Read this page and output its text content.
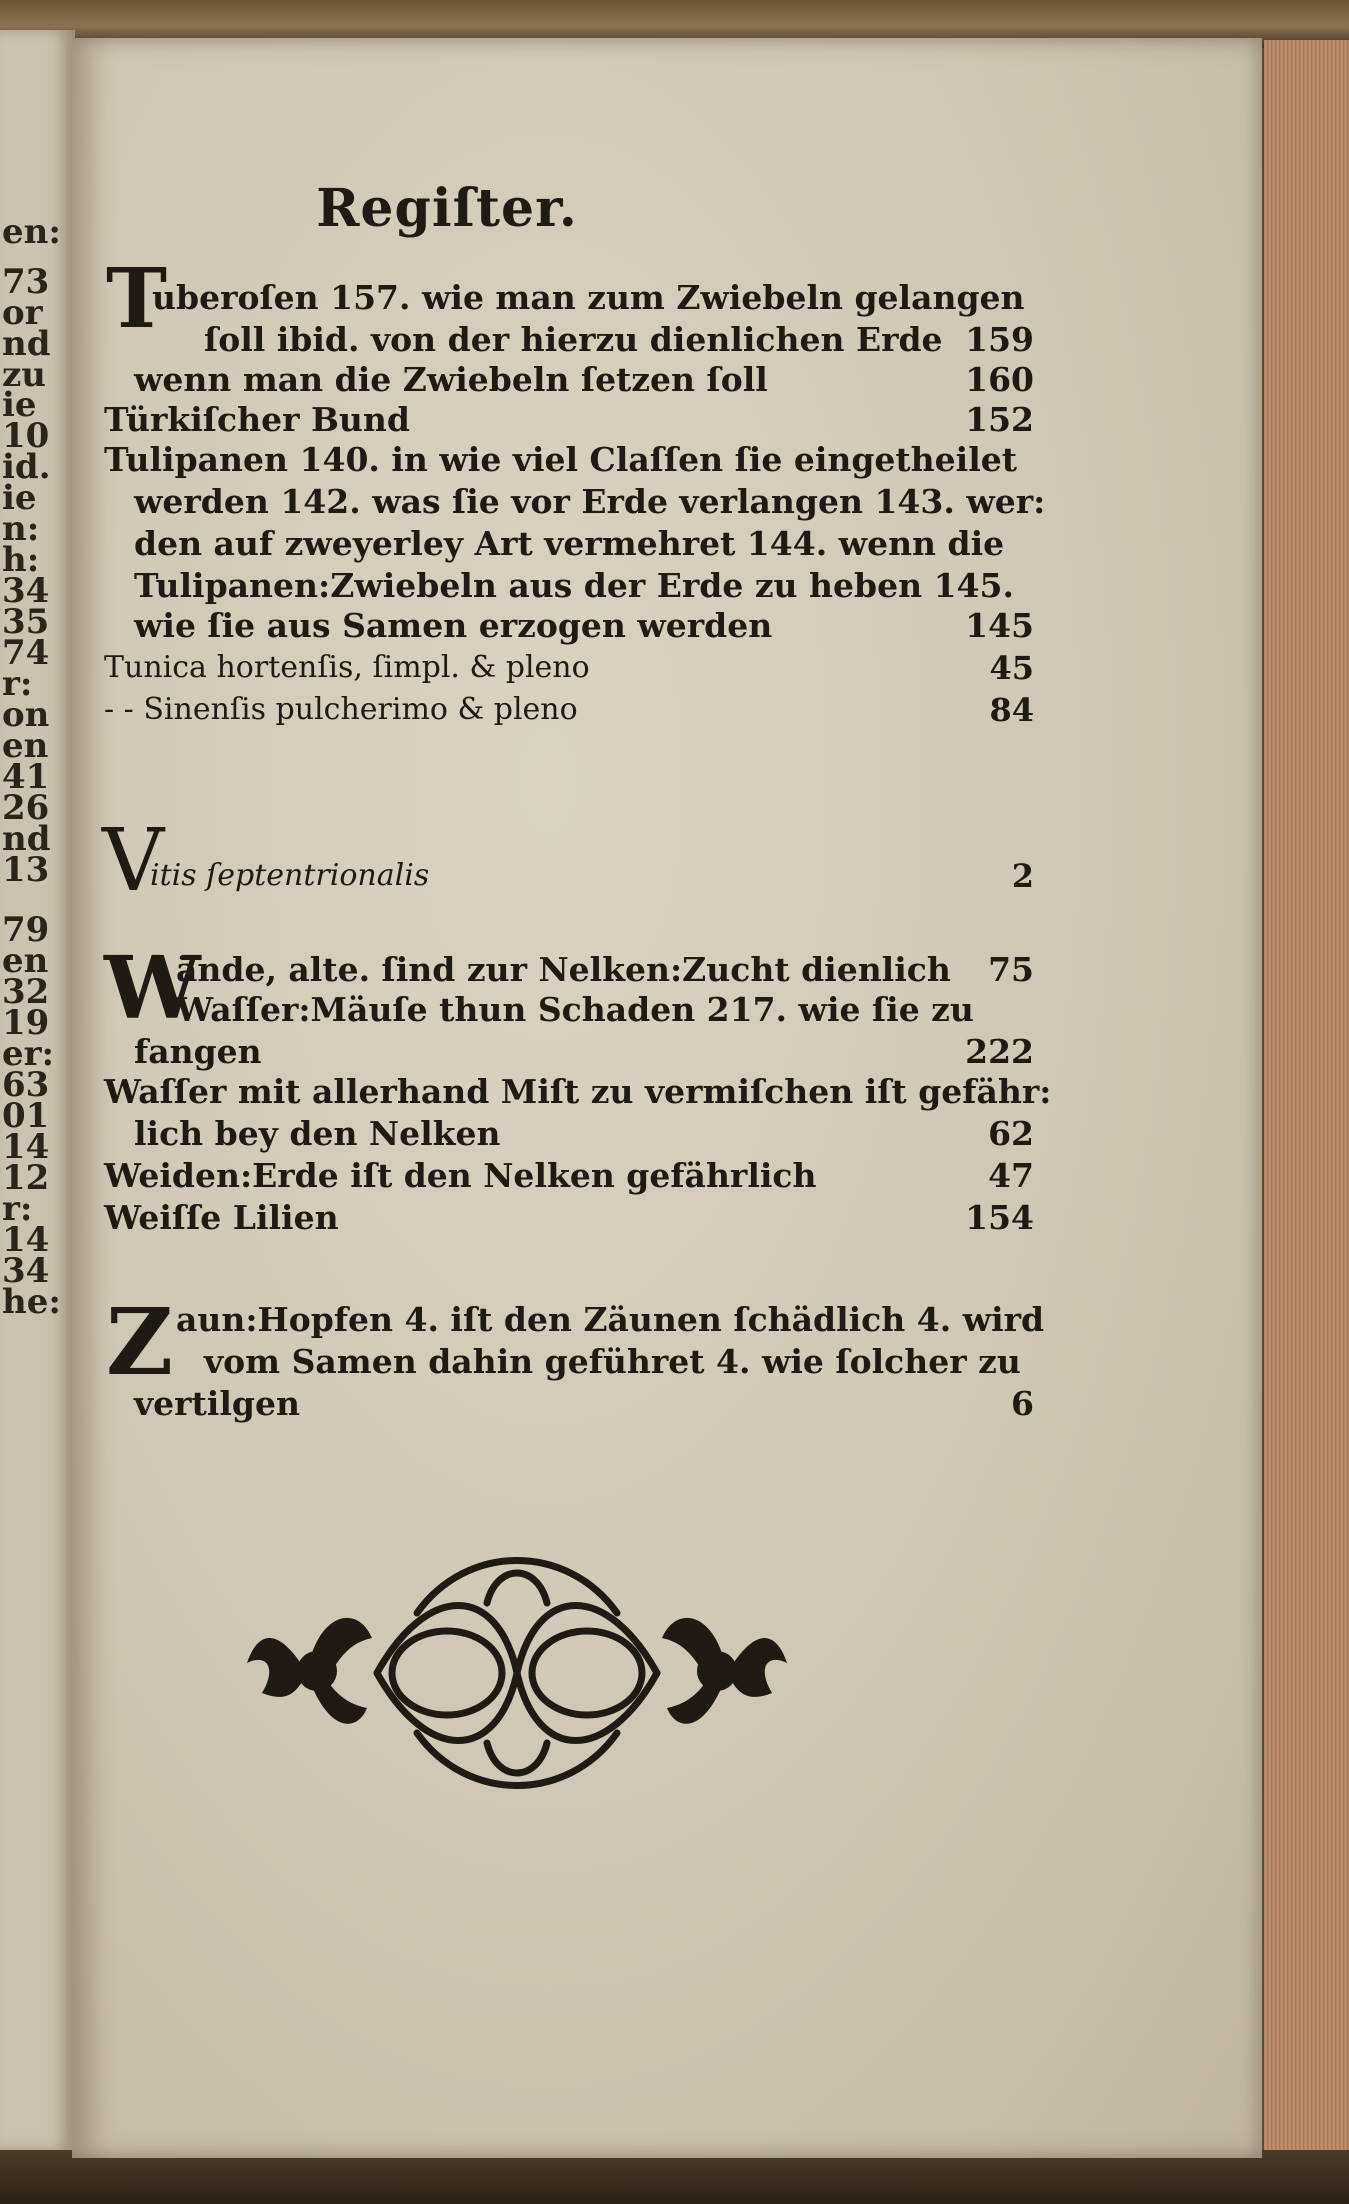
en:
73
or
nd
zu
ie
10
id.
ie
n:
h:
34
35
74
r:
on
en
41
26
nd
13
79
en
32
19
er:
63
01
14
12
r:
14
34
he:
Regiſter.
T
uberoſen 157. wie man zum Zwiebeln gelangen
ſoll ibid. von der hierzu dienlichen Erde 159
wenn man die Zwiebeln ſetzen ſoll	160
Türkiſcher Bund	152
Tulipanen 140. in wie viel Claſſen ſie eingetheilet
werden 142. was ſie vor Erde verlangen 143. wer:
den auf zweyerley Art vermehret 144. wenn die
Tulipanen:Zwiebeln aus der Erde zu heben 145.
wie ſie aus Samen erzogen werden	145
Tunica hortenſis, ſimpl. & pleno	45
- - Sinenſis pulcherimo & pleno	84
V
itis ſeptentrionalis	2
W
ände, alte. ſind zur Nelken:Zucht dienlich 75
Waſſer:Mäuſe thun Schaden 217. wie ſie zu
fangen	222
Waſſer mit allerhand Miſt zu vermiſchen iſt gefähr:
lich bey den Nelken	62
Weiden:Erde iſt den Nelken gefährlich	47
Weiſſe Lilien	154
Z aun:Hopfen 4. iſt den Zäunen ſchädlich 4. wird
vom Samen dahin geführet 4. wie ſolcher zu
vertilgen	6
